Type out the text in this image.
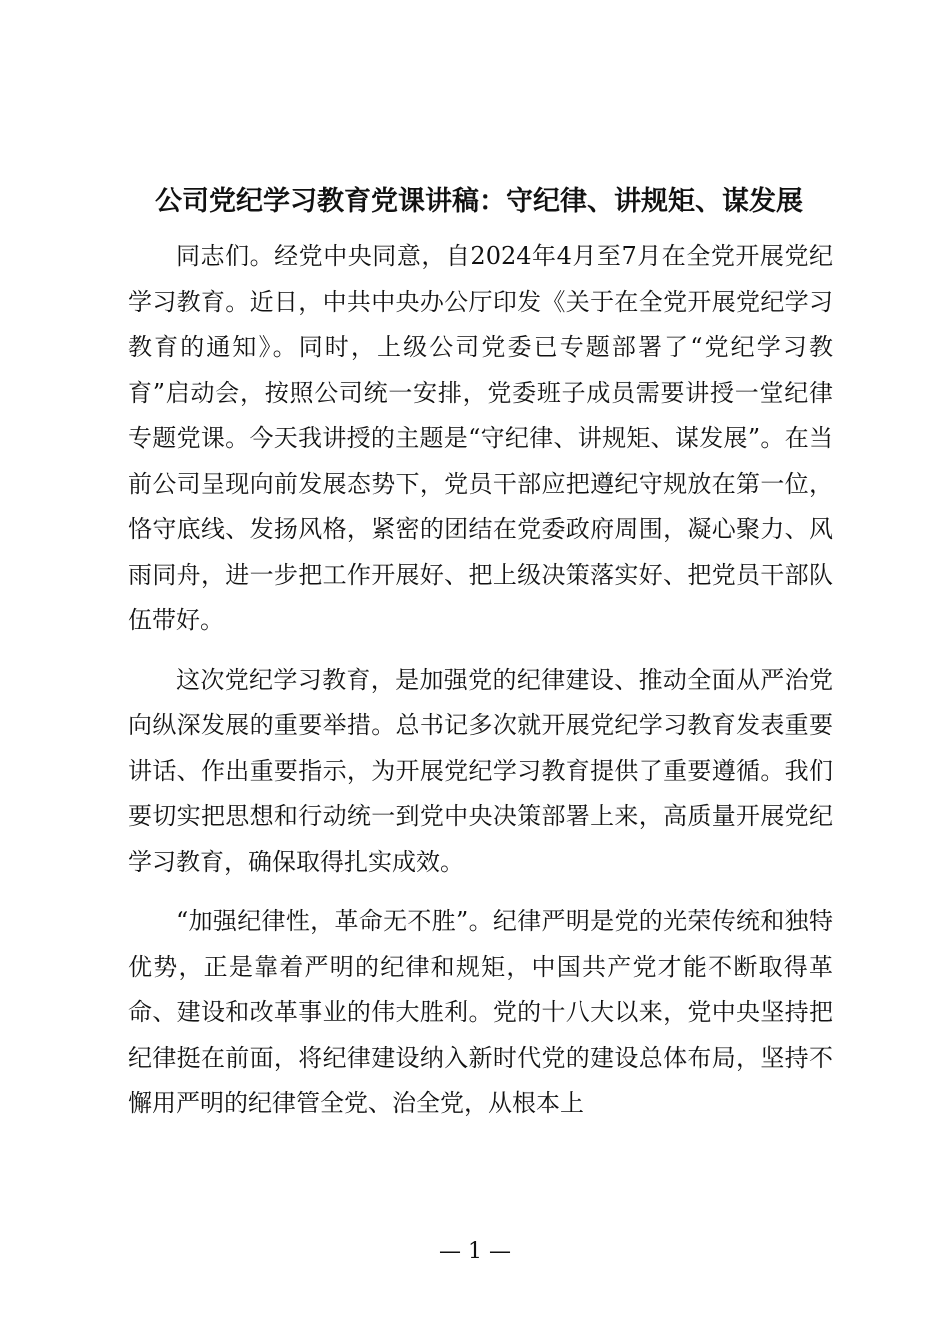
公司党纪学习教育党课讲稿：守纪律、讲规矩、谋发展

同志们。经党中央同意，自2024年4月至7月在全党开展党纪学习教育。近日，中共中央办公厅印发《关于在全党开展党纪学习教育的通知》。同时，上级公司党委已专题部署了“党纪学习教育”启动会，按照公司统一安排，党委班子成员需要讲授一堂纪律专题党课。今天我讲授的主题是“守纪律、讲规矩、谋发展”。在当前公司呈现向前发展态势下，党员干部应把遵纪守规放在第一位，恪守底线、发扬风格，紧密的团结在党委政府周围，凝心聚力、风雨同舟，进一步把工作开展好、把上级决策落实好、把党员干部队伍带好。

这次党纪学习教育，是加强党的纪律建设、推动全面从严治党向纵深发展的重要举措。总书记多次就开展党纪学习教育发表重要讲话、作出重要指示，为开展党纪学习教育提供了重要遵循。我们要切实把思想和行动统一到党中央决策部署上来，高质量开展党纪学习教育，确保取得扎实成效。

“加强纪律性，革命无不胜”。纪律严明是党的光荣传统和独特优势，正是靠着严明的纪律和规矩，中国共产党才能不断取得革命、建设和改革事业的伟大胜利。党的十八大以来，党中央坚持把纪律挺在前面，将纪律建设纳入新时代党的建设总体布局，坚持不懈用严明的纪律管全党、治全党，从根本上

— 1 —
